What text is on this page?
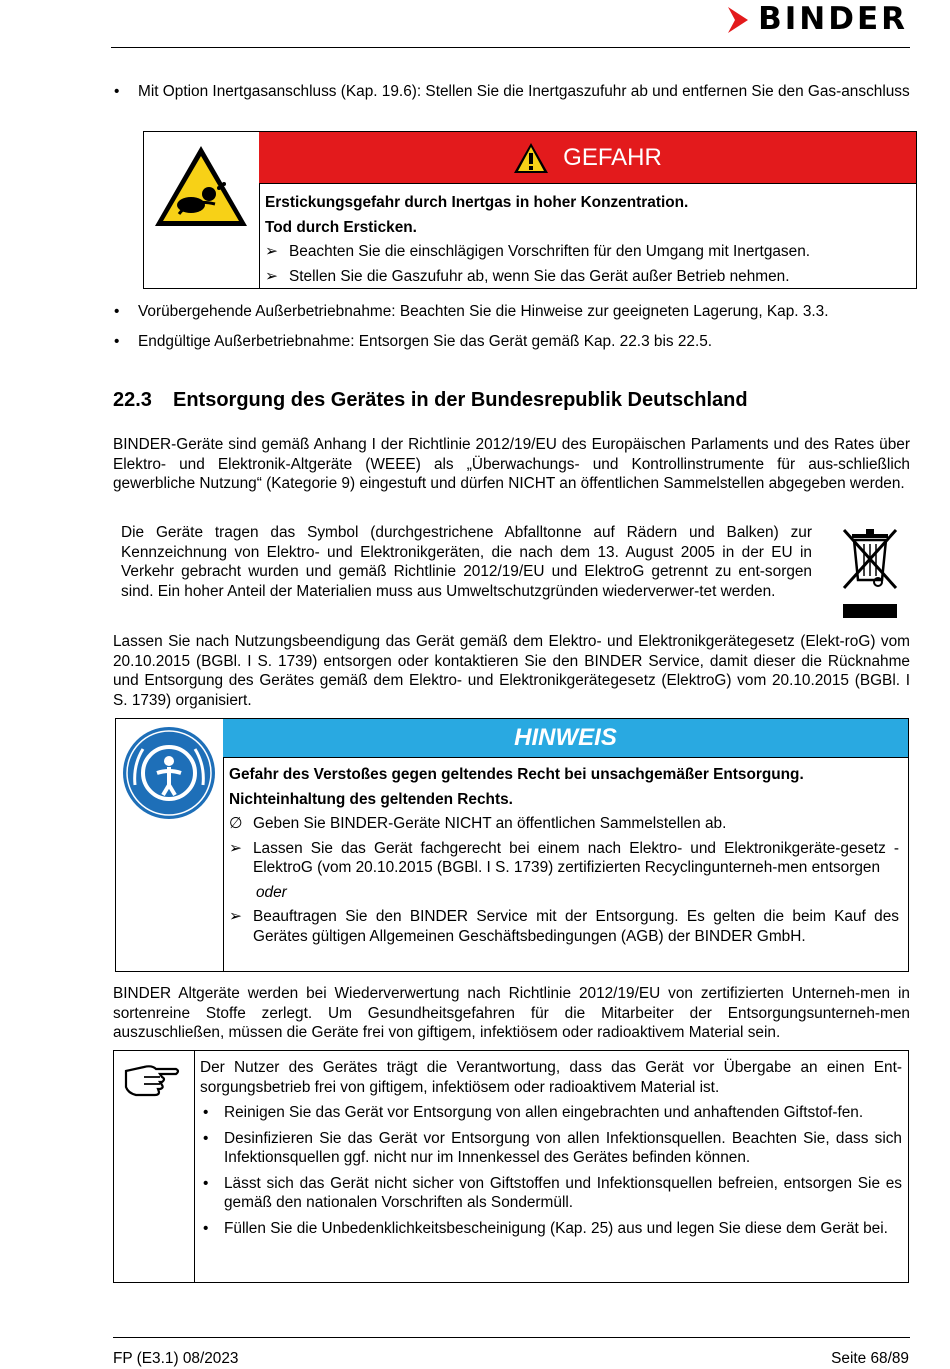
BINDER
• Mit Option Inertgasanschluss (Kap. 19.6): Stellen Sie die Inertgaszufuhr ab und entfernen Sie den Gas-anschluss
GEFAHR
Erstickungsgefahr durch Inertgas in hoher Konzentration.
Tod durch Ersticken.
➢ Beachten Sie die einschlägigen Vorschriften für den Umgang mit Inertgasen.
➢ Stellen Sie die Gaszufuhr ab, wenn Sie das Gerät außer Betrieb nehmen.
• Vorübergehende Außerbetriebnahme: Beachten Sie die Hinweise zur geeigneten Lagerung, Kap. 3.3.
• Endgültige Außerbetriebnahme: Entsorgen Sie das Gerät gemäß Kap. 22.3 bis 22.5.
22.3 Entsorgung des Gerätes in der Bundesrepublik Deutschland
BINDER-Geräte sind gemäß Anhang I der Richtlinie 2012/19/EU des Europäischen Parlaments und des Rates über Elektro- und Elektronik-Altgeräte (WEEE) als „Überwachungs- und Kontrollinstrumente für aus-schließlich gewerbliche Nutzung“ (Kategorie 9) eingestuft und dürfen NICHT an öffentlichen Sammelstellen abgegeben werden.
Die Geräte tragen das Symbol (durchgestrichene Abfalltonne auf Rädern und Balken) zur Kennzeichnung von Elektro- und Elektronikgeräten, die nach dem 13. August 2005 in der EU in Verkehr gebracht wurden und gemäß Richtlinie 2012/19/EU und ElektroG getrennt zu ent-sorgen sind. Ein hoher Anteil der Materialien muss aus Umweltschutzgründen wiederverwer-tet werden.
Lassen Sie nach Nutzungsbeendigung das Gerät gemäß dem Elektro- und Elektronikgerätegesetz (Elekt-roG) vom 20.10.2015 (BGBl. I S. 1739) entsorgen oder kontaktieren Sie den BINDER Service, damit dieser die Rücknahme und Entsorgung des Gerätes gemäß dem Elektro- und Elektronikgerätegesetz (ElektroG) vom 20.10.2015 (BGBl. I S. 1739) organisiert.
HINWEIS
Gefahr des Verstoßes gegen geltendes Recht bei unsachgemäßer Entsorgung.
Nichteinhaltung des geltenden Rechts.
∅ Geben Sie BINDER-Geräte NICHT an öffentlichen Sammelstellen ab.
➢ Lassen Sie das Gerät fachgerecht bei einem nach Elektro- und Elektronikgeräte-gesetz - ElektroG (vom 20.10.2015 (BGBl. I S. 1739) zertifizierten Recyclingunterneh-men entsorgen
oder
➢ Beauftragen Sie den BINDER Service mit der Entsorgung. Es gelten die beim Kauf des Gerätes gültigen Allgemeinen Geschäftsbedingungen (AGB) der BINDER GmbH.
BINDER Altgeräte werden bei Wiederverwertung nach Richtlinie 2012/19/EU von zertifizierten Unterneh-men in sortenreine Stoffe zerlegt. Um Gesundheitsgefahren für die Mitarbeiter der Entsorgungsunterneh-men auszuschließen, müssen die Geräte frei von giftigem, infektiösem oder radioaktivem Material sein.
Der Nutzer des Gerätes trägt die Verantwortung, dass das Gerät vor Übergabe an einen Ent-sorgungsbetrieb frei von giftigem, infektiösem oder radioaktivem Material ist.
• Reinigen Sie das Gerät vor Entsorgung von allen eingebrachten und anhaftenden Giftstof-fen.
• Desinfizieren Sie das Gerät vor Entsorgung von allen Infektionsquellen. Beachten Sie, dass sich Infektionsquellen ggf. nicht nur im Innenkessel des Gerätes befinden können.
• Lässt sich das Gerät nicht sicher von Giftstoffen und Infektionsquellen befreien, entsorgen Sie es gemäß den nationalen Vorschriften als Sondermüll.
• Füllen Sie die Unbedenklichkeitsbescheinigung (Kap. 25) aus und legen Sie diese dem Gerät bei.
FP (E3.1) 08/2023	Seite 68/89
